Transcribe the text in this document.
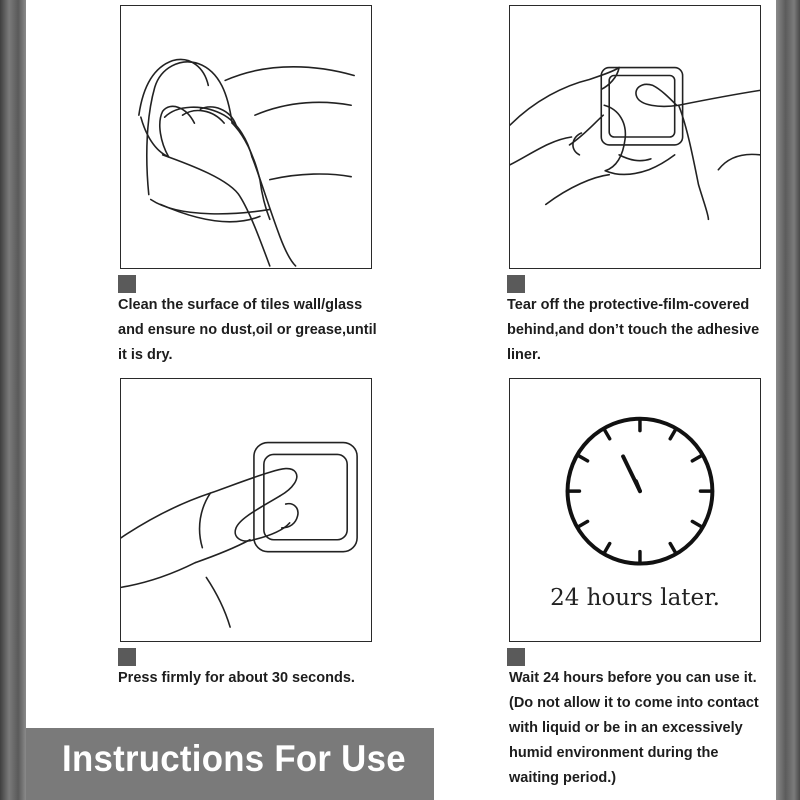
Clean the surface of tiles wall/glass
and ensure no dust,oil or grease,until
it is dry.

Tear off the protective-film-covered
behind,and don’t touch the adhesive
liner.

Press firmly for about 30 seconds.

24 hours later.

Wait 24 hours before you can use it.
(Do not allow it to come into contact
with liquid or be in an excessively
humid environment during the
waiting period.)

Instructions For Use
